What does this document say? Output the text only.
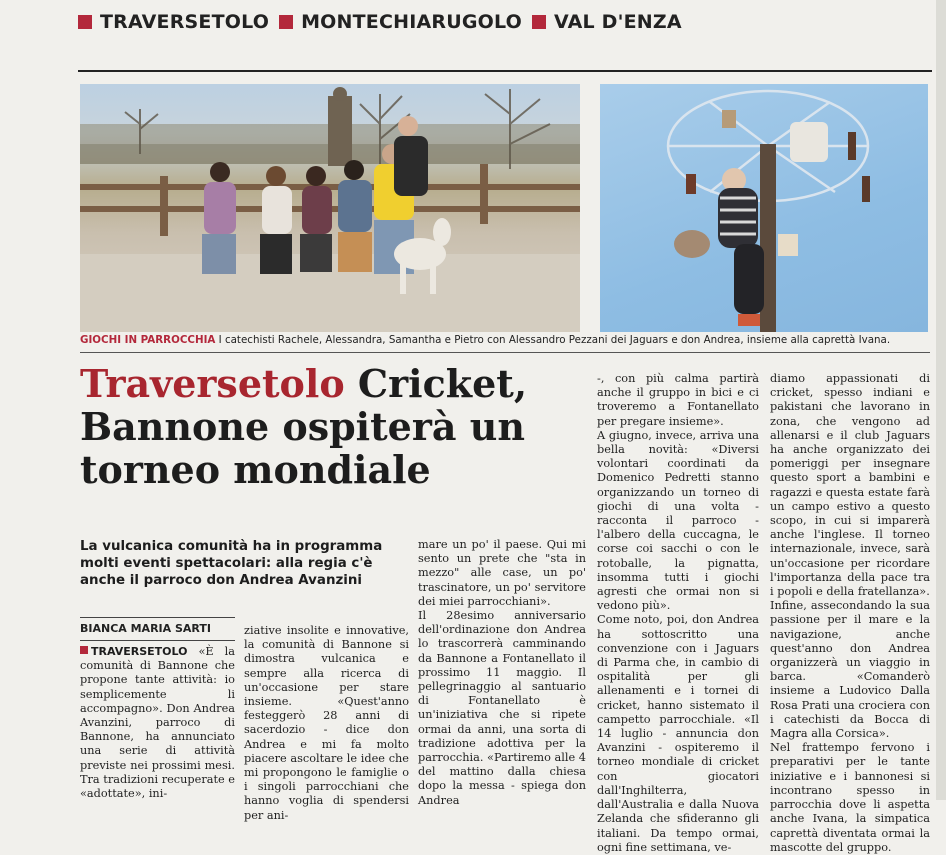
TRAVERSETOLO MONTECHIARUGOLO VAL D'ENZA
GIOCHI IN PARROCCHIA I catechisti Rachele, Alessandra, Samantha e Pietro con Alessandro Pezzani dei Jaguars e don Andrea, insieme alla caprettà Ivana.
Traversetolo Cricket, Bannone ospiterà un torneo mondiale
La vulcanica comunità ha in programma molti eventi spettacolari: alla regia c'è anche il parroco don Andrea Avanzini
BIANCA MARIA SARTI

TRAVERSETOLO «È la comunità di Bannone che propone tante attività: io semplicemente li accompagno». Don Andrea Avanzini, parroco di Bannone, ha annunciato una serie di attività previste nei prossimi mesi. Tra tradizioni recuperate e «adottate», ini-

ziative insolite e innovative, la comunità di Bannone si dimostra vulcanica e sempre alla ricerca di un'occasione per stare insieme. «Quest'anno festeggerò 28 anni di sacerdozio - dice don Andrea e mi fa molto piacere ascoltare le idee che mi propongono le famiglie o i singoli parrocchiani che hanno voglia di spendersi per ani-

mare un po' il paese. Qui mi sento un prete che "sta in mezzo" alle case, un po' trascinatore, un po' servitore dei miei parrocchiani».

Il 28esimo anniversario dell'ordinazione don Andrea lo trascorrerà camminando da Bannone a Fontanellato il prossimo 11 maggio. Il pellegrinaggio al santuario di Fontanellato è un'iniziativa che si ripete ormai da anni, una sorta di tradizione adottiva per la parrocchia. «Partiremo alle 4 del mattino dalla chiesa dopo la messa - spiega don Andrea

-, con più calma partirà anche il gruppo in bici e ci troveremo a Fontanellato per pregare insieme».

A giugno, invece, arriva una bella novità: «Diversi volontari coordinati da Domenico Pedretti stanno organizzando un torneo di giochi di una volta - racconta il parroco - l'albero della cuccagna, le corse coi sacchi o con le rotoballe, la pignatta, insomma tutti i giochi agresti che ormai non si vedono più».

Come noto, poi, don Andrea ha sottoscritto una convenzione con i Jaguars di Parma che, in cambio di ospitalità per gli allenamenti e i tornei di cricket, hanno sistemato il campetto parrocchiale. «Il 14 luglio - annuncia don Avanzini - ospiteremo il torneo mondiale di cricket con giocatori dall'Inghilterra, dall'Australia e dalla Nuova Zelanda che sfideranno gli italiani. Da tempo ormai, ogni fine settimana, ve-

diamo appassionati di cricket, spesso indiani e pakistani che lavorano in zona, che vengono ad allenarsi e il club Jaguars ha anche organizzato dei pomeriggi per insegnare questo sport a bambini e ragazzi e questa estate farà un campo estivo a questo scopo, in cui si imparerà anche l'inglese. Il torneo internazionale, invece, sarà un'occasione per ricordare l'importanza della pace tra i popoli e della fratellanza».

Infine, assecondando la sua passione per il mare e la navigazione, anche quest'anno don Andrea organizzerà un viaggio in barca. «Comanderò insieme a Ludovico Dalla Rosa Prati una crociera con i catechisti da Bocca di Magra alla Corsica».

Nel frattempo fervono i preparativi per le tante iniziative e i bannonesi si incontrano spesso in parrocchia dove li aspetta anche Ivana, la simpatica caprettà diventata ormai la mascotte del gruppo.
